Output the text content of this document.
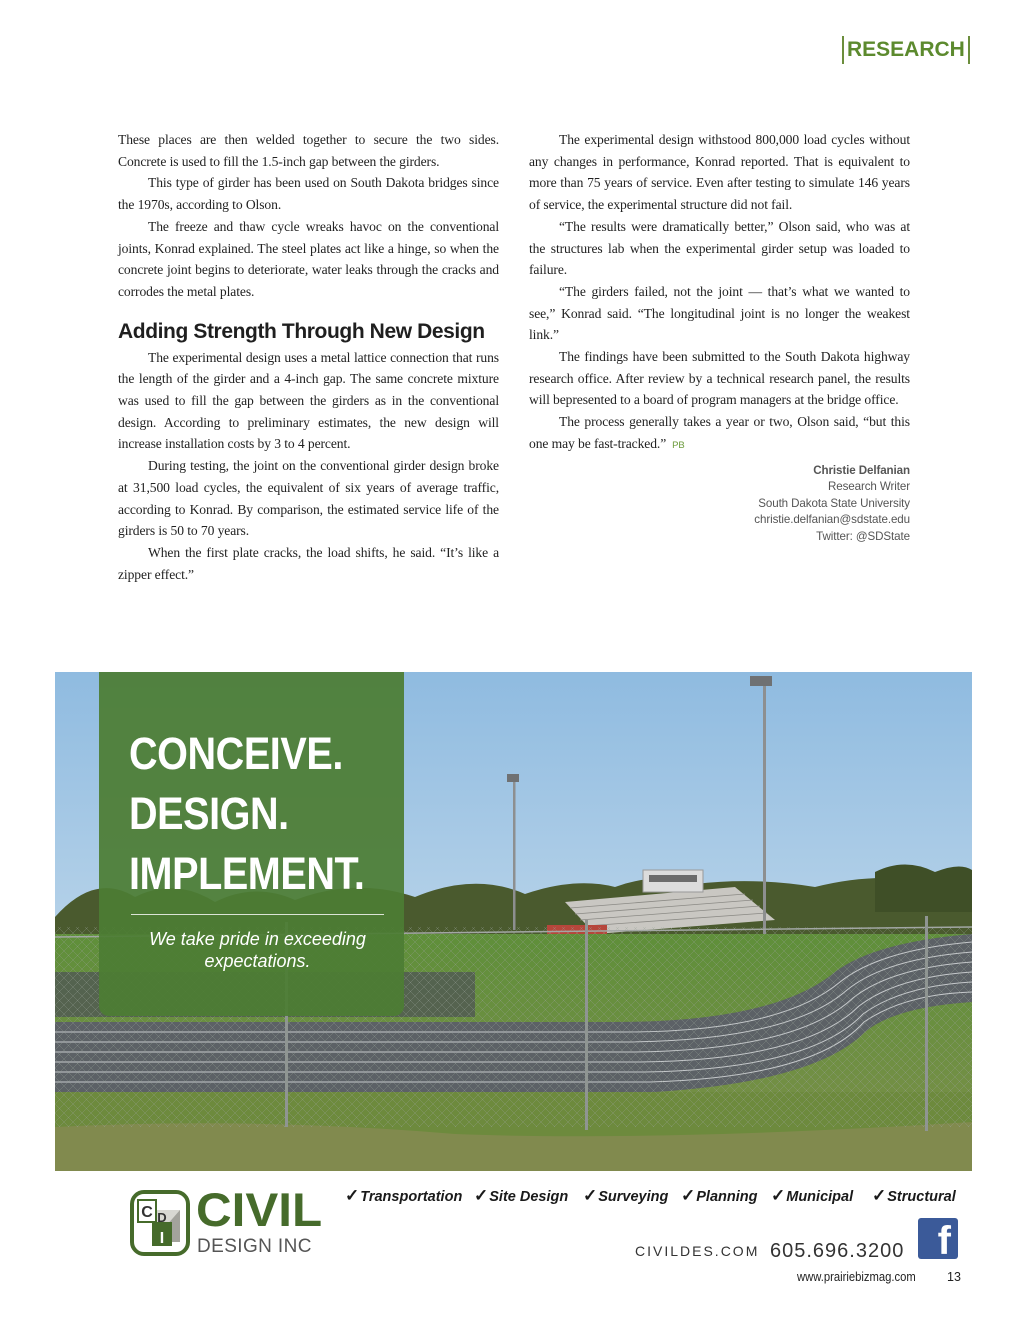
RESEARCH

These places are then welded together to secure the two sides. Concrete is used to fill the 1.5-inch gap between the girders.

This type of girder has been used on South Dakota bridges since the 1970s, according to Olson.

The freeze and thaw cycle wreaks havoc on the conventional joints, Konrad explained. The steel plates act like a hinge, so when the concrete joint begins to deteriorate, water leaks through the cracks and corrodes the metal plates.

Adding Strength Through New Design

The experimental design uses a metal lattice connection that runs the length of the girder and a 4-inch gap. The same concrete mixture was used to fill the gap between the girders as in the conventional design. According to preliminary estimates, the new design will increase installation costs by 3 to 4 percent.

During testing, the joint on the conventional girder design broke at 31,500 load cycles, the equivalent of six years of average traffic, according to Konrad. By comparison, the estimated service life of the girders is 50 to 70 years.

When the first plate cracks, the load shifts, he said. “It’s like a zipper effect.”

The experimental design withstood 800,000 load cycles without any changes in performance, Konrad reported. That is equivalent to more than 75 years of service. Even after testing to simulate 146 years of service, the experimental structure did not fail.

“The results were dramatically better,” Olson said, who was at the structures lab when the experimental girder setup was loaded to failure.

“The girders failed, not the joint — that’s what we wanted to see,” Konrad said. “The longitudinal joint is no longer the weakest link.”

The findings have been submitted to the South Dakota highway research office. After review by a technical research panel, the results will bepresented to a board of program managers at the bridge office.

The process generally takes a year or two, Olson said, “but this one may be fast-tracked.” PB

Christie Delfanian
Research Writer
South Dakota State University
christie.delfanian@sdstate.edu
Twitter: @SDState
CONCEIVE.
DESIGN.
IMPLEMENT.
We take pride in exceeding expectations.
C D
I
CIVIL
DESIGN INC
✓Transportation ✓Site Design ✓Surveying ✓Planning ✓Municipal ✓Structural
CIVILDES.COM 605.696.3200 f
www.prairiebizmag.com 13
